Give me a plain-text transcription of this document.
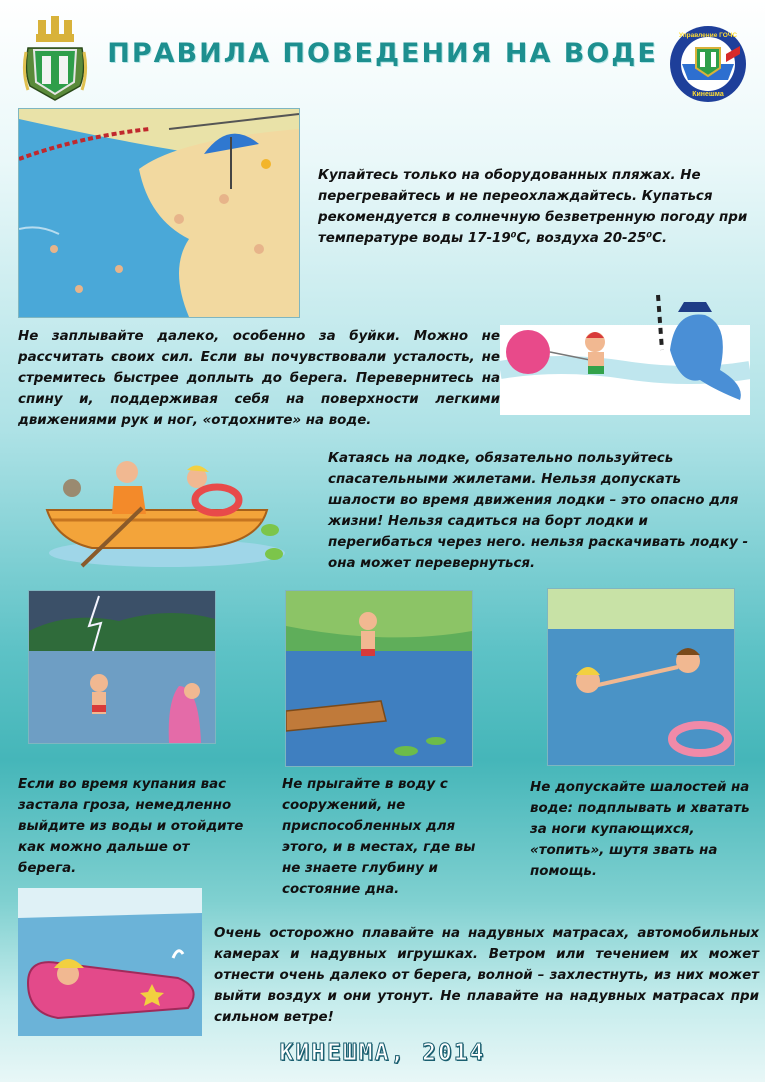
ПРАВИЛА ПОВЕДЕНИЯ НА ВОДЕ
Управление ГОЧС
Кинешма

Купайтесь только на оборудованных пляжах. Не перегревайтесь и не переохлаждайтесь. Купаться рекомендуется в солнечную безветренную погоду при температуре воды 17-19⁰С, воздуха 20-25⁰С.

Не заплывайте далеко, особенно за буйки. Можно не рассчитать своих сил. Если вы почувствовали усталость, не стремитесь быстрее доплыть до берега. Перевернитесь на спину и, поддерживая себя на поверхности легкими движениями рук и ног, «отдохните» на воде.

Катаясь на лодке, обязательно пользуйтесь спасательными жилетами. Нельзя допускать шалости во время движения лодки – это опасно для жизни! Нельзя садиться на борт лодки и перегибаться через него. нельзя раскачивать лодку - она может перевернуться.

Если во время купания вас застала гроза, немедленно выйдите из воды и отойдите как можно дальше от берега.

Не прыгайте в воду с сооружений, не приспособленных для этого, и в местах, где вы не знаете глубину и состояние дна.

Не допускайте шалостей на воде: подплывать и хватать за ноги купающихся, «топить», шутя звать на помощь.

Очень осторожно плавайте на надувных матрасах, автомобильных камерах и надувных игрушках. Ветром или течением их может отнести очень далеко от берега, волной – захлестнуть, из них может выйти воздух и они утонут. Не плавайте на надувных матрасах при сильном ветре!

КИНЕШМА, 2014
